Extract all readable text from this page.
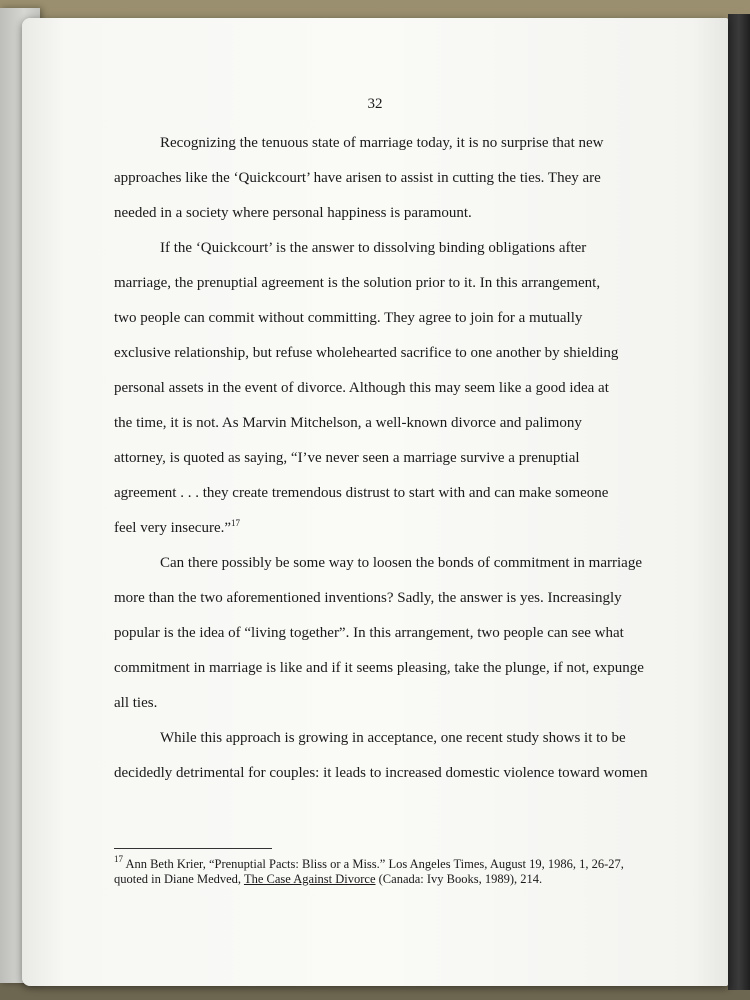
32

Recognizing the tenuous state of marriage today, it is no surprise that new
approaches like the ‘Quickcourt’ have arisen to assist in cutting the ties. They are
needed in a society where personal happiness is paramount.

If the ‘Quickcourt’ is the answer to dissolving binding obligations after
marriage, the prenuptial agreement is the solution prior to it. In this arrangement,
two people can commit without committing. They agree to join for a mutually
exclusive relationship, but refuse wholehearted sacrifice to one another by shielding
personal assets in the event of divorce. Although this may seem like a good idea at
the time, it is not. As Marvin Mitchelson, a well-known divorce and palimony
attorney, is quoted as saying, “I’ve never seen a marriage survive a prenuptial
agreement . . . they create tremendous distrust to start with and can make someone
feel very insecure.”$^{17}$

Can there possibly be some way to loosen the bonds of commitment in marriage
more than the two aforementioned inventions? Sadly, the answer is yes. Increasingly
popular is the idea of “living together”. In this arrangement, two people can see what
commitment in marriage is like and if it seems pleasing, take the plunge, if not, expunge
all ties.

While this approach is growing in acceptance, one recent study shows it to be
decidedly detrimental for couples: it leads to increased domestic violence toward women

$^{17}$ Ann Beth Krier, “Prenuptial Pacts: Bliss or a Miss.” Los Angeles Times, August 19, 1986, 1, 26-27,
quoted in Diane Medved, The Case Against Divorce (Canada: Ivy Books, 1989), 214.
